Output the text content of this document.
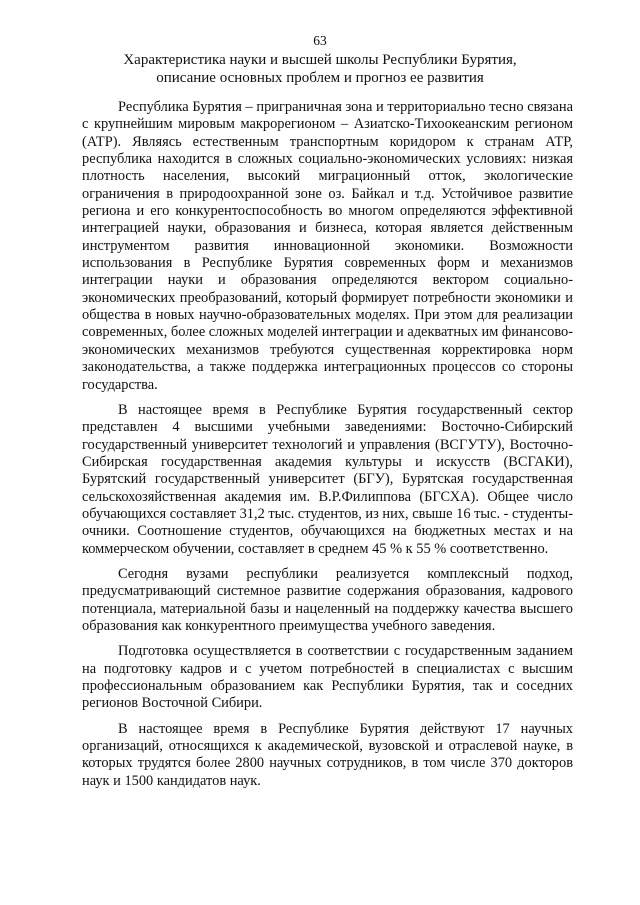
63
Характеристика науки и высшей школы Республики Бурятия,
описание основных проблем и прогноз ее развития

Республика Бурятия – приграничная зона и территориально тесно связана с крупнейшим мировым макрорегионом – Азиатско-Тихоокеанским регионом (АТР). Являясь естественным транспортным коридором к странам АТР, республика находится в сложных социально-экономических условиях: низкая плотность населения, высокий миграционный отток, экологические ограничения в природоохранной зоне оз. Байкал и т.д. Устойчивое развитие региона и его конкурентоспособность во многом определяются эффективной интеграцией науки, образования и бизнеса, которая является действенным инструментом развития инновационной экономики. Возможности использования в Республике Бурятия современных форм и механизмов интеграции науки и образования определяются вектором социально-экономических преобразований, который формирует потребности экономики и общества в новых научно-образовательных моделях. При этом для реализации современных, более сложных моделей интеграции и адекватных им финансово-экономических механизмов требуются существенная корректировка норм законодательства, а также поддержка интеграционных процессов со стороны государства.

В настоящее время в Республике Бурятия государственный сектор представлен 4 высшими учебными заведениями: Восточно-Сибирский государственный университет технологий и управления (ВСГУТУ), Восточно-Сибирская государственная академия культуры и искусств (ВСГАКИ), Бурятский государственный университет (БГУ), Бурятская государственная сельскохозяйственная академия им. В.Р.Филиппова (БГСХА). Общее число обучающихся составляет 31,2 тыс. студентов, из них, свыше 16 тыс. - студенты-очники. Соотношение студентов, обучающихся на бюджетных местах и на коммерческом обучении, составляет в среднем 45 % к 55 % соответственно.

Сегодня вузами республики реализуется комплексный подход, предусматривающий системное развитие содержания образования, кадрового потенциала, материальной базы и нацеленный на поддержку качества высшего образования как конкурентного преимущества учебного заведения.

Подготовка осуществляется в соответствии с государственным заданием на подготовку кадров и с учетом потребностей в специалистах с высшим профессиональным образованием как Республики Бурятия, так и соседних регионов Восточной Сибири.

В настоящее время в Республике Бурятия действуют 17 научных организаций, относящихся к академической, вузовской и отраслевой науке, в которых трудятся более 2800 научных сотрудников, в том числе 370 докторов наук и 1500 кандидатов наук.
